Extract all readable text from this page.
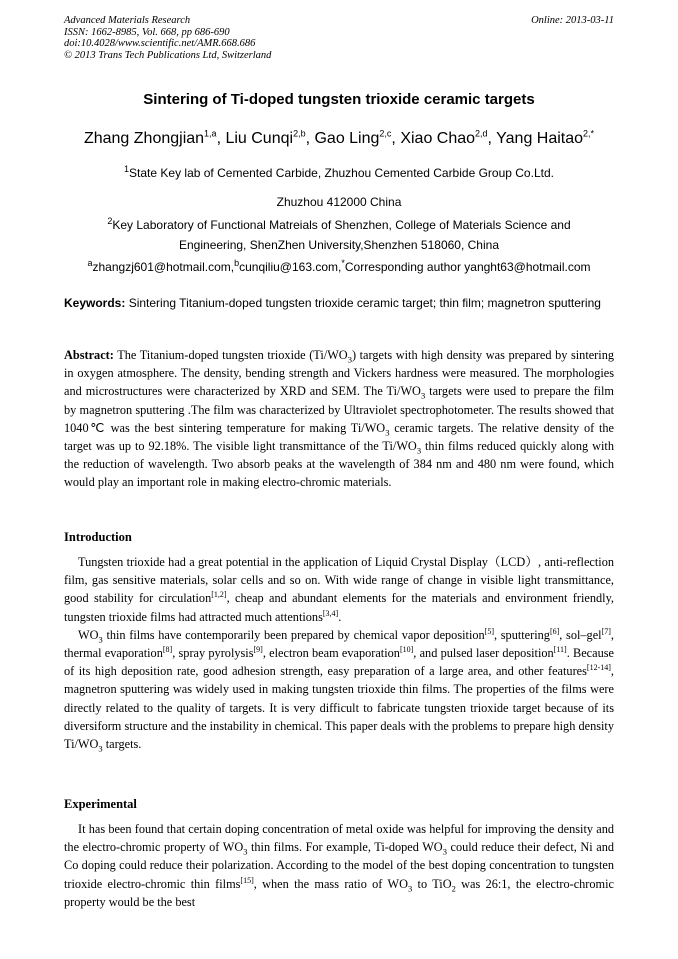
Advanced Materials Research
ISSN: 1662-8985, Vol. 668, pp 686-690
doi:10.4028/www.scientific.net/AMR.668.686
© 2013 Trans Tech Publications Ltd, Switzerland
Online: 2013-03-11
Sintering of Ti-doped tungsten trioxide ceramic targets
Zhang Zhongjian$^{1,a}$, Liu Cunqi$^{2,b}$, Gao Ling$^{2,c}$, Xiao Chao$^{2,d}$, Yang Haitao$^{2,*}$
$^1$State Key lab of Cemented Carbide, Zhuzhou Cemented Carbide Group Co.Ltd.
Zhuzhou 412000 China
$^2$Key Laboratory of Functional Matreials of Shenzhen, College of Materials Science and
Engineering, ShenZhen University,Shenzhen 518060, China
$^a$zhangzj601@hotmail.com,$^b$cunqiliu@163.com,*Corresponding author yanght63@hotmail.com
Keywords: Sintering Titanium-doped tungsten trioxide ceramic target; thin film; magnetron sputtering
Abstract: The Titanium-doped tungsten trioxide $(Ti/WO_3)$ targets with high density was prepared by sintering in oxygen atmosphere. The density, bending strength and Vickers hardness were measured. The morphologies and microstructures were characterized by XRD and SEM. The $Ti/WO_3$ targets were used to prepare the film by magnetron sputtering .The film was characterized by Ultraviolet spectrophotometer. The results showed that 1040℃ was the best sintering temperature for making $Ti/WO_3$ ceramic targets. The relative density of the target was up to 92.18%. The visible light transmittance of the $Ti/WO_3$ thin films reduced quickly along with the reduction of wavelength. Two absorb peaks at the wavelength of 384 nm and 480 nm were found, which would play an important role in making electro-chromic materials.
Introduction

Tungsten trioxide had a great potential in the application of Liquid Crystal Display（LCD）, anti-reflection film, gas sensitive materials, solar cells and so on. With wide range of change in visible light transmittance, good stability for circulation[1,2], cheap and abundant elements for the materials and environment friendly, tungsten trioxide films had attracted much attentions[3,4].

$WO_3$ thin films have contemporarily been prepared by chemical vapor deposition[5], sputtering[6], sol–gel[7], thermal evaporation[8], spray pyrolysis[9], electron beam evaporation[10], and pulsed laser deposition[11]. Because of its high deposition rate, good adhesion strength, easy preparation of a large area, and other features[12-14], magnetron sputtering was widely used in making tungsten trioxide thin films. The properties of the films were directly related to the quality of targets. It is very difficult to fabricate tungsten trioxide target because of its diversiform structure and the instability in chemical. This paper deals with the problems to prepare high density $Ti/WO_3$ targets.

Experimental

It has been found that certain doping concentration of metal oxide was helpful for improving the density and the electro-chromic property of $WO_3$ thin films. For example, Ti-doped $WO_3$ could reduce their defect, Ni and Co doping could reduce their polarization. According to the model of the best doping concentration to tungsten trioxide electro-chromic thin films[15], when the mass ratio of $WO_3$ to TiO$_2$ was 26:1, the electro-chromic property would be the best
